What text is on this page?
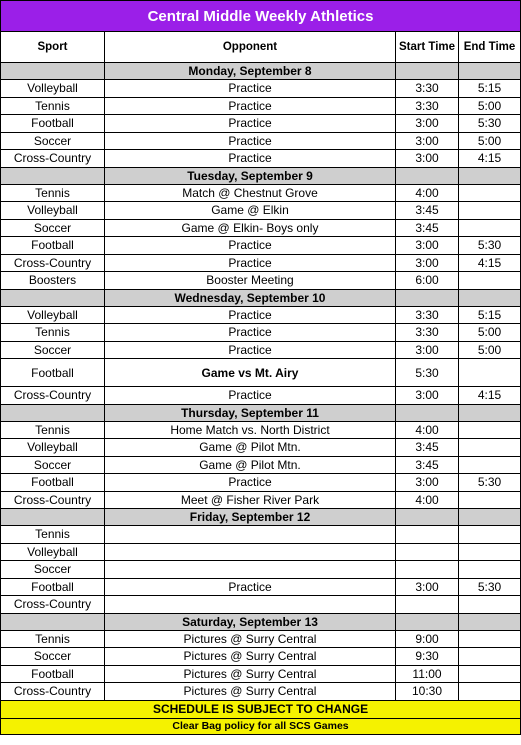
Central Middle Weekly Athletics			
Sport	Opponent	Start Time	End Time
	Monday, September 8		
Volleyball	Practice	3:30	5:15
Tennis	Practice	3:30	5:00
Football	Practice	3:00	5:30
Soccer	Practice	3:00	5:00
Cross-Country	Practice	3:00	4:15
	Tuesday, September 9		
Tennis	Match @ Chestnut Grove	4:00	
Volleyball	Game @ Elkin	3:45	
Soccer	Game @ Elkin- Boys only	3:45	
Football	Practice	3:00	5:30
Cross-Country	Practice	3:00	4:15
Boosters	Booster Meeting	6:00	
	Wednesday, September 10		
Volleyball	Practice	3:30	5:15
Tennis	Practice	3:30	5:00
Soccer	Practice	3:00	5:00
Football	Game vs Mt. Airy	5:30	
Cross-Country	Practice	3:00	4:15
	Thursday, September 11		
Tennis	Home Match vs. North District	4:00	
Volleyball	Game @ Pilot Mtn.	3:45	
Soccer	Game @ Pilot Mtn.	3:45	
Football	Practice	3:00	5:30
Cross-Country	Meet @ Fisher River Park	4:00	
	Friday, September 12		
Tennis			
Volleyball			
Soccer			
Football	Practice	3:00	5:30
Cross-Country			
	Saturday, September 13		
Tennis	Pictures @ Surry Central	9:00	
Soccer	Pictures @ Surry Central	9:30	
Football	Pictures @ Surry Central	11:00	
Cross-Country	Pictures @ Surry Central	10:30	
SCHEDULE IS SUBJECT TO CHANGE			
Clear Bag policy for all SCS Games			
